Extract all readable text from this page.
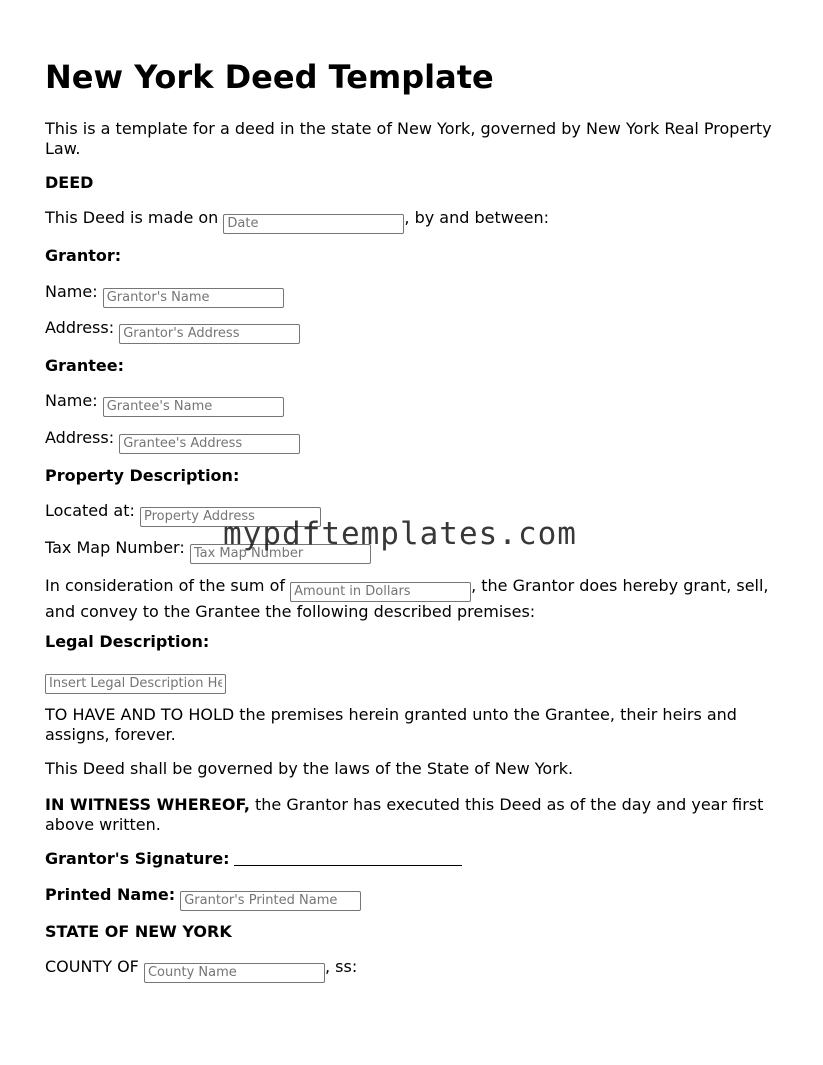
New York Deed Template
This is a template for a deed in the state of New York, governed by New York Real Property Law.
DEED
This Deed is made on Date	, by and between:
Grantor:
Name: Grantor's Name
Address: Grantor's Address
Grantee:
Name: Grantee's Name
Address: Grantee's Address
Property Description:
Located at: Property Address
Tax Map Number: Tax Map Number
In consideration of the sum of Amount in Dollars	, the Grantor does hereby grant, sell, and convey to the Grantee the following described premises:
Legal Description:
Insert Legal Description Here
TO HAVE AND TO HOLD the premises herein granted unto the Grantee, their heirs and assigns, forever.
This Deed shall be governed by the laws of the State of New York.
IN WITNESS WHEREOF, the Grantor has executed this Deed as of the day and year first above written.
Grantor's Signature:
Printed Name: Grantor's Printed Name
STATE OF NEW YORK
COUNTY OF County Name	, ss:
mypdftemplates.com
